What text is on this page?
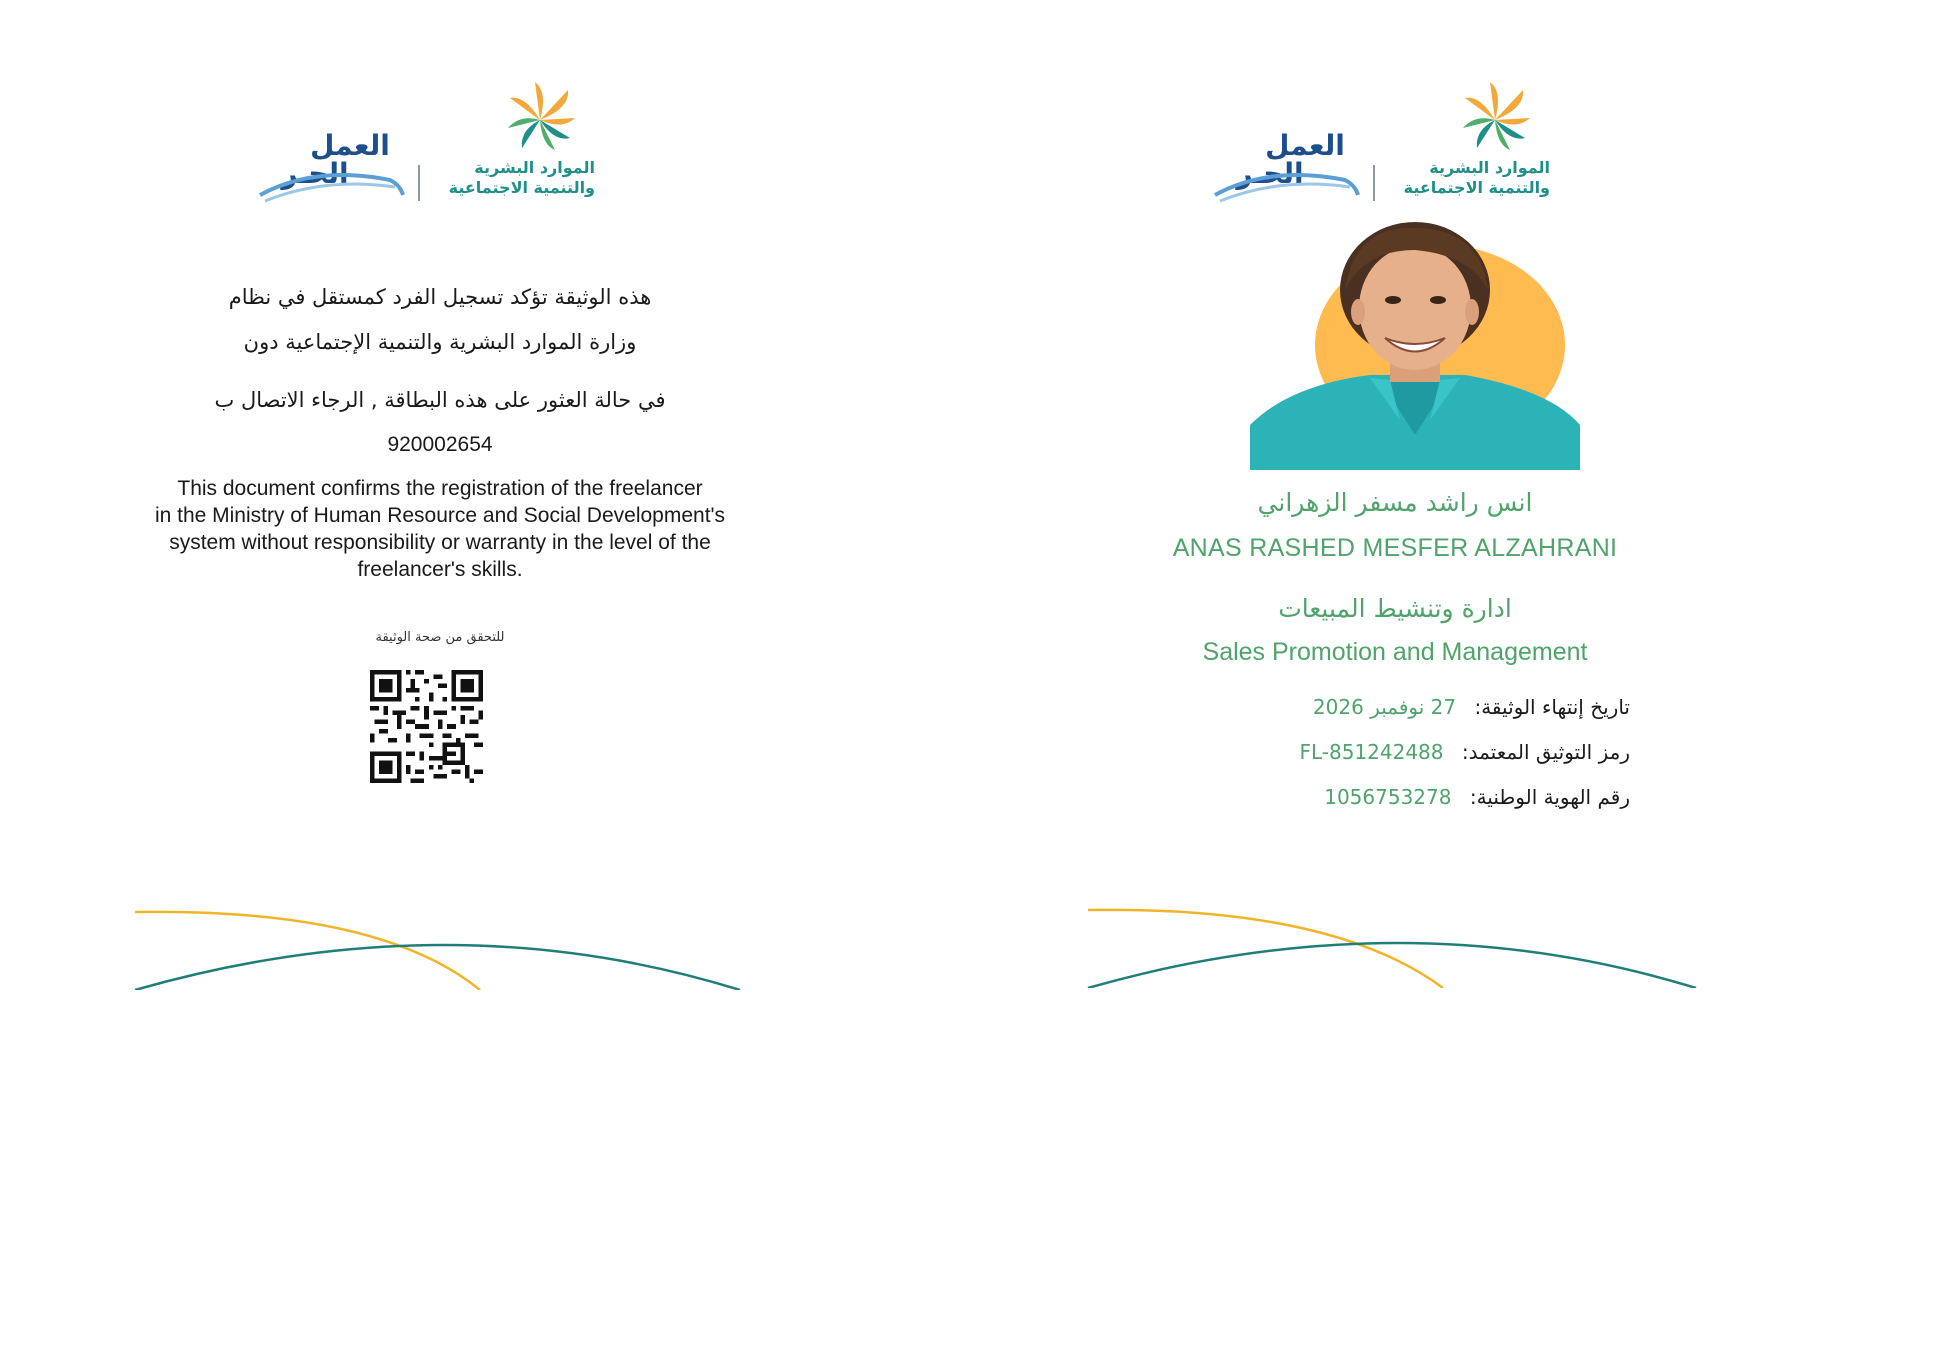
العمل
الحـر	الموارد البشرية
والتنمية الاجتماعية
هذه الوثيقة تؤكد تسجيل الفرد كمستقل في نظام
وزارة الموارد البشرية والتنمية الإجتماعية دون
في حالة العثور على هذه البطاقة , الرجاء الاتصال ب
920002654
This document confirms the registration of the freelancer
in the Ministry of Human Resource and Social Development's
system without responsibility or warranty in the level of the
freelancer's skills.
للتحقق من صحة الوثيقة
العمل
الحـر	الموارد البشرية
والتنمية الاجتماعية
انس راشد مسفر الزهراني
ANAS RASHED MESFER ALZAHRANI
ادارة وتنشيط المبيعات
Sales Promotion and Management
تاريخ إنتهاء الوثيقة: 27 نوفمبر 2026
رمز التوثيق المعتمد: FL-851242488
رقم الهوية الوطنية: 1056753278
